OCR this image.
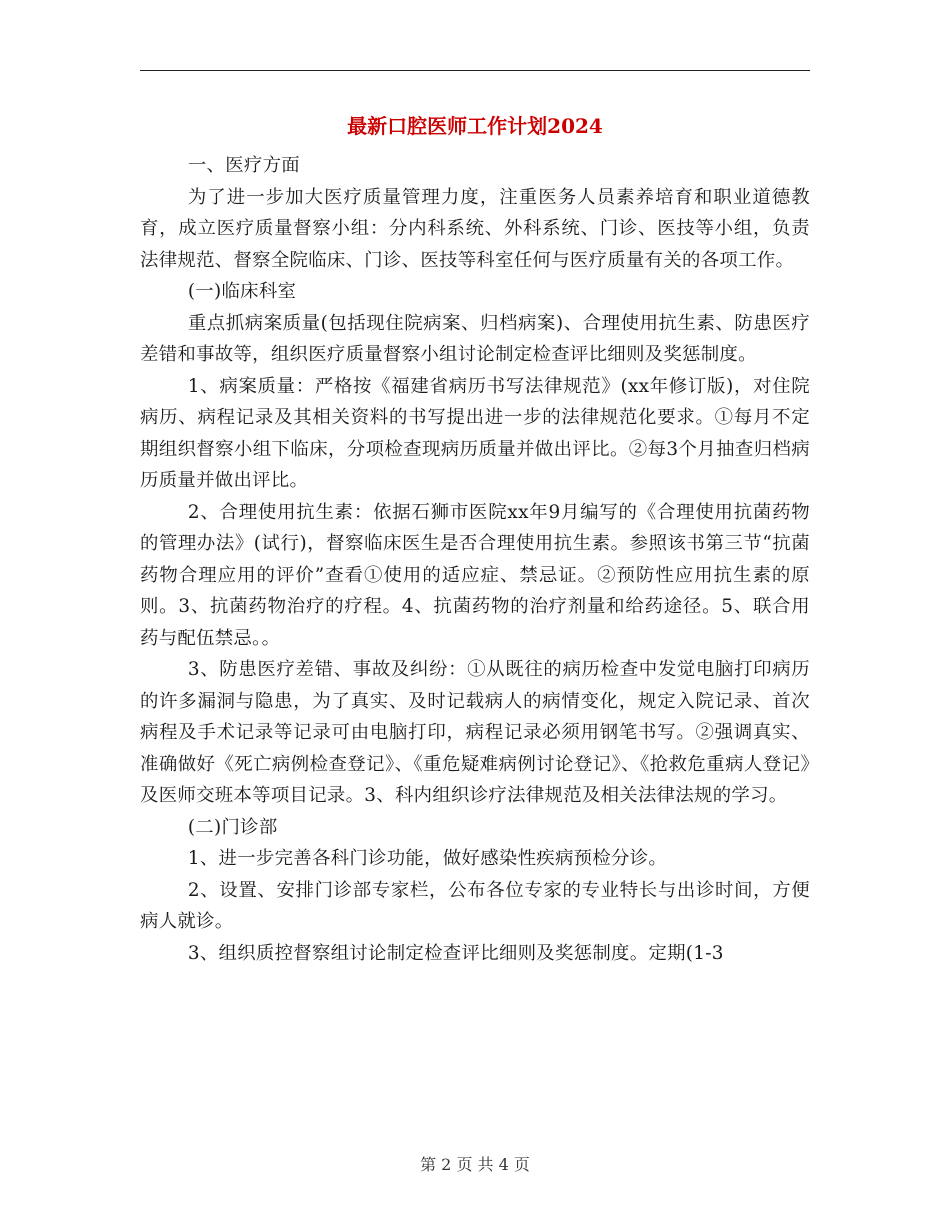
最新口腔医师工作计划2024

一、医疗方面

为了进一步加大医疗质量管理力度，注重医务人员素养培育和职业道德教育，成立医疗质量督察小组：分内科系统、外科系统、门诊、医技等小组，负责法律规范、督察全院临床、门诊、医技等科室任何与医疗质量有关的各项工作。

(一)临床科室

重点抓病案质量(包括现住院病案、归档病案)、合理使用抗生素、防患医疗差错和事故等，组织医疗质量督察小组讨论制定检查评比细则及奖惩制度。

1、病案质量：严格按《福建省病历书写法律规范》(xx年修订版)，对住院病历、病程记录及其相关资料的书写提出进一步的法律规范化要求。①每月不定期组织督察小组下临床，分项检查现病历质量并做出评比。②每3个月抽查归档病历质量并做出评比。

2、合理使用抗生素：依据石狮市医院xx年9月编写的《合理使用抗菌药物的管理办法》(试行)，督察临床医生是否合理使用抗生素。参照该书第三节“抗菌药物合理应用的评价”查看①使用的适应症、禁忌证。②预防性应用抗生素的原则。3、抗菌药物治疗的疗程。4、抗菌药物的治疗剂量和给药途径。5、联合用药与配伍禁忌。。

3、防患医疗差错、事故及纠纷：①从既往的病历检查中发觉电脑打印病历的许多漏洞与隐患，为了真实、及时记载病人的病情变化，规定入院记录、首次病程及手术记录等记录可由电脑打印，病程记录必须用钢笔书写。②强调真实、准确做好《死亡病例检查登记》、《重危疑难病例讨论登记》、《抢救危重病人登记》及医师交班本等项目记录。3、科内组织诊疗法律规范及相关法律法规的学习。

(二)门诊部

1、进一步完善各科门诊功能，做好感染性疾病预检分诊。

2、设置、安排门诊部专家栏，公布各位专家的专业特长与出诊时间，方便病人就诊。

3、组织质控督察组讨论制定检查评比细则及奖惩制度。定期(1-3

第 2 页 共 4 页
